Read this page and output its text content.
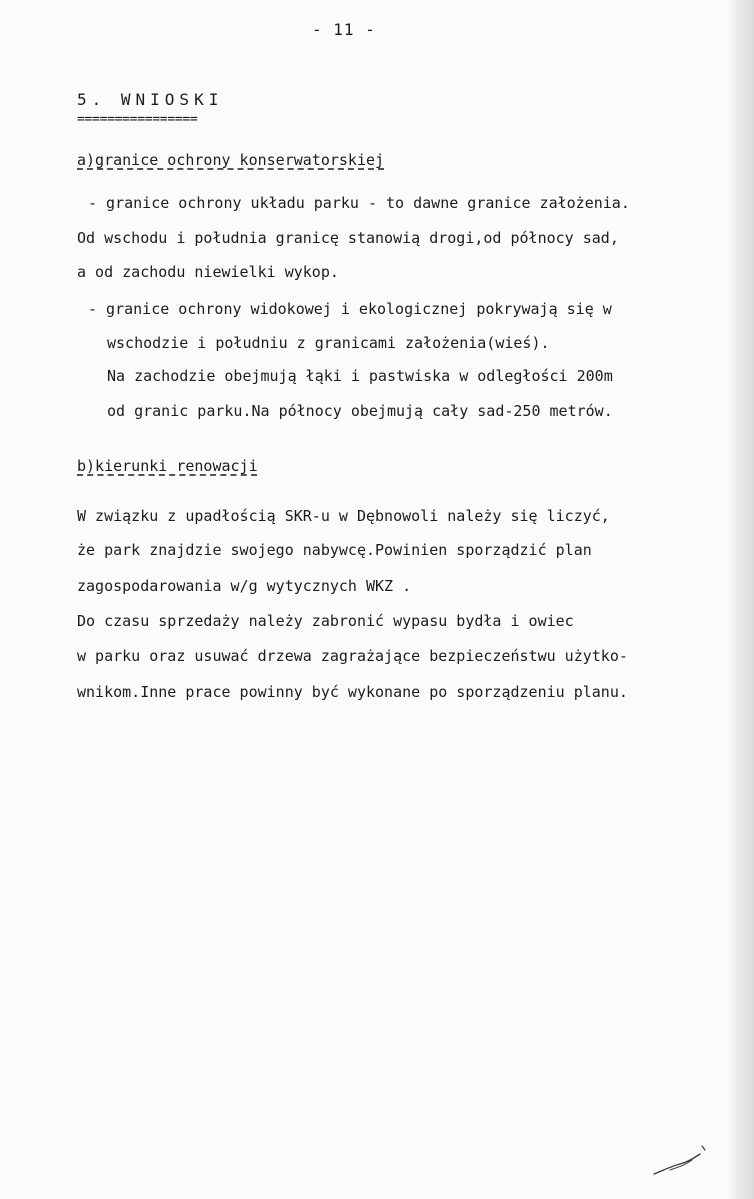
- 11 -
5. WNIOSKI
================
a)granice ochrony konserwatorskiej
- granice ochrony układu parku - to dawne granice założenia.
Od wschodu i południa granicę stanowią drogi,od północy sad,
a od zachodu niewielki wykop.
- granice ochrony widokowej i ekologicznej pokrywają się w
wschodzie i południu z granicami założenia(wieś).
Na zachodzie obejmują łąki i pastwiska w odległości 200m
od granic parku.Na północy obejmują cały sad-250 metrów.
b)kierunki renowacji
W związku z upadłością SKR-u w Dębnowoli należy się liczyć,
że park znajdzie swojego nabywcę.Powinien sporządzić plan
zagospodarowania w/g wytycznych WKZ .
Do czasu sprzedaży należy zabronić wypasu bydła i owiec
w parku oraz usuwać drzewa zagrażające bezpieczeństwu użytko-
wnikom.Inne prace powinny być wykonane po sporządzeniu planu.
